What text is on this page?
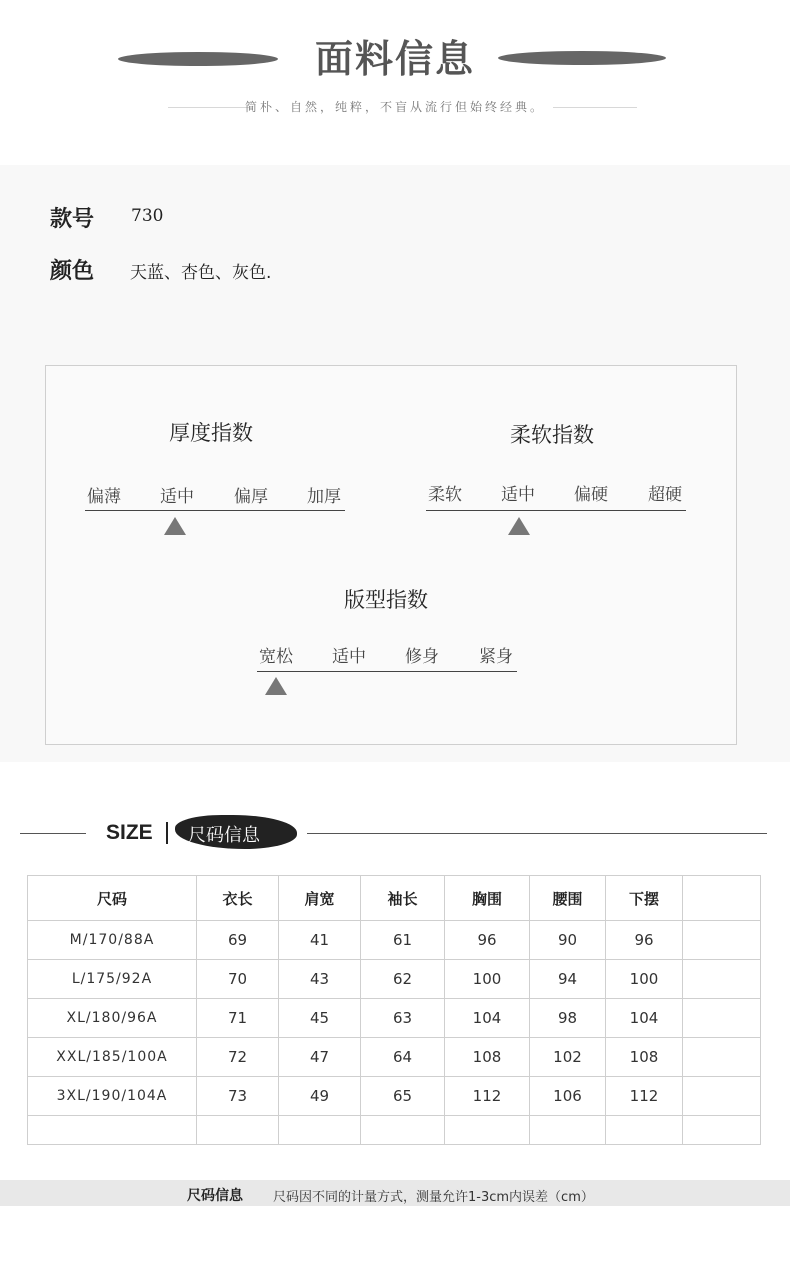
面料信息
简朴、自然，纯粹，不盲从流行但始终经典。
款号 730
颜色 天蓝、杏色、灰色.
厚度指数
偏薄 适中 偏厚 加厚
柔软指数
柔软 适中 偏硬 超硬
版型指数
宽松 适中 修身 紧身
SIZE 尺码信息
尺码	衣长	肩宽	袖长	胸围	腰围	下摆	
M/170/88A	69	41	61	96	90	96	
L/175/92A	70	43	62	100	94	100	
XL/180/96A	71	45	63	104	98	104	
XXL/185/100A	72	47	64	108	102	108	
3XL/190/104A	73	49	65	112	106	112	

尺码信息 尺码因不同的计量方式，测量允许1-3cm内误差（cm）
